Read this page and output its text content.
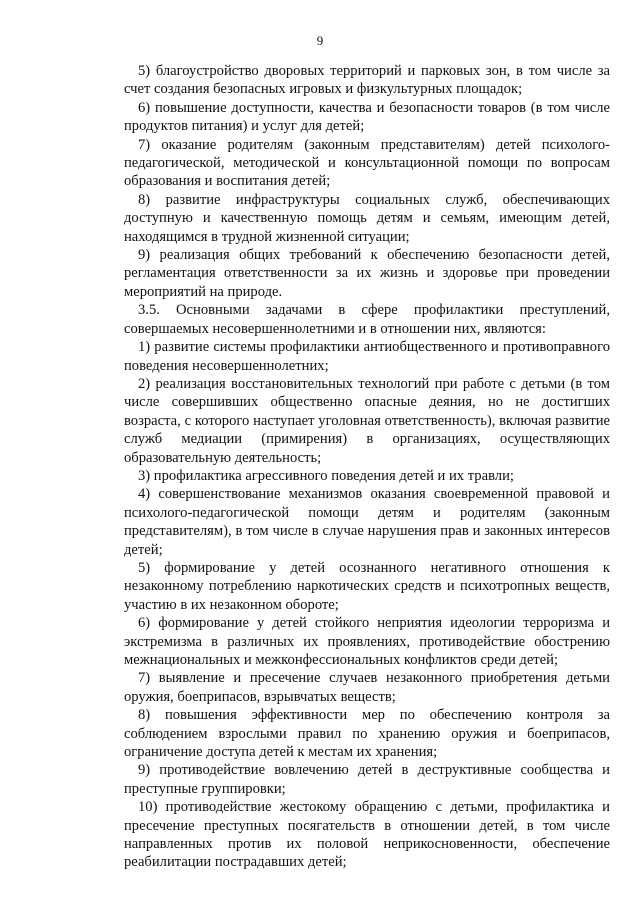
9

5) благоустройство дворовых территорий и парковых зон, в том числе за счет создания безопасных игровых и физкультурных площадок;

6) повышение доступности, качества и безопасности товаров (в том числе продуктов питания) и услуг для детей;

7) оказание родителям (законным представителям) детей психолого-педагогической, методической и консультационной помощи по вопросам образования и воспитания детей;

8) развитие инфраструктуры социальных служб, обеспечивающих доступную и качественную помощь детям и семьям, имеющим детей, находящимся в трудной жизненной ситуации;

9) реализация общих требований к обеспечению безопасности детей, регламентация ответственности за их жизнь и здоровье при проведении мероприятий на природе.

3.5. Основными задачами в сфере профилактики преступлений, совершаемых несовершеннолетними и в отношении них, являются:

1) развитие системы профилактики антиобщественного и противоправного поведения несовершеннолетних;

2) реализация восстановительных технологий при работе с детьми (в том числе совершивших общественно опасные деяния, но не достигших возраста, с которого наступает уголовная ответственность), включая развитие служб медиации (примирения) в организациях, осуществляющих образовательную деятельность;

3) профилактика агрессивного поведения детей и их травли;

4) совершенствование механизмов оказания своевременной правовой и психолого-педагогической помощи детям и родителям (законным представителям), в том числе в случае нарушения прав и законных интересов детей;

5) формирование у детей осознанного негативного отношения к незаконному потреблению наркотических средств и психотропных веществ, участию в их незаконном обороте;

6) формирование у детей стойкого неприятия идеологии терроризма и экстремизма в различных их проявлениях, противодействие обострению межнациональных и межконфессиональных конфликтов среди детей;

7) выявление и пресечение случаев незаконного приобретения детьми оружия, боеприпасов, взрывчатых веществ;

8) повышения эффективности мер по обеспечению контроля за соблюдением взрослыми правил по хранению оружия и боеприпасов, ограничение доступа детей к местам их хранения;

9) противодействие вовлечению детей в деструктивные сообщества и преступные группировки;

10) противодействие жестокому обращению с детьми, профилактика и пресечение преступных посягательств в отношении детей, в том числе направленных против их половой неприкосновенности, обеспечение реабилитации пострадавших детей;
